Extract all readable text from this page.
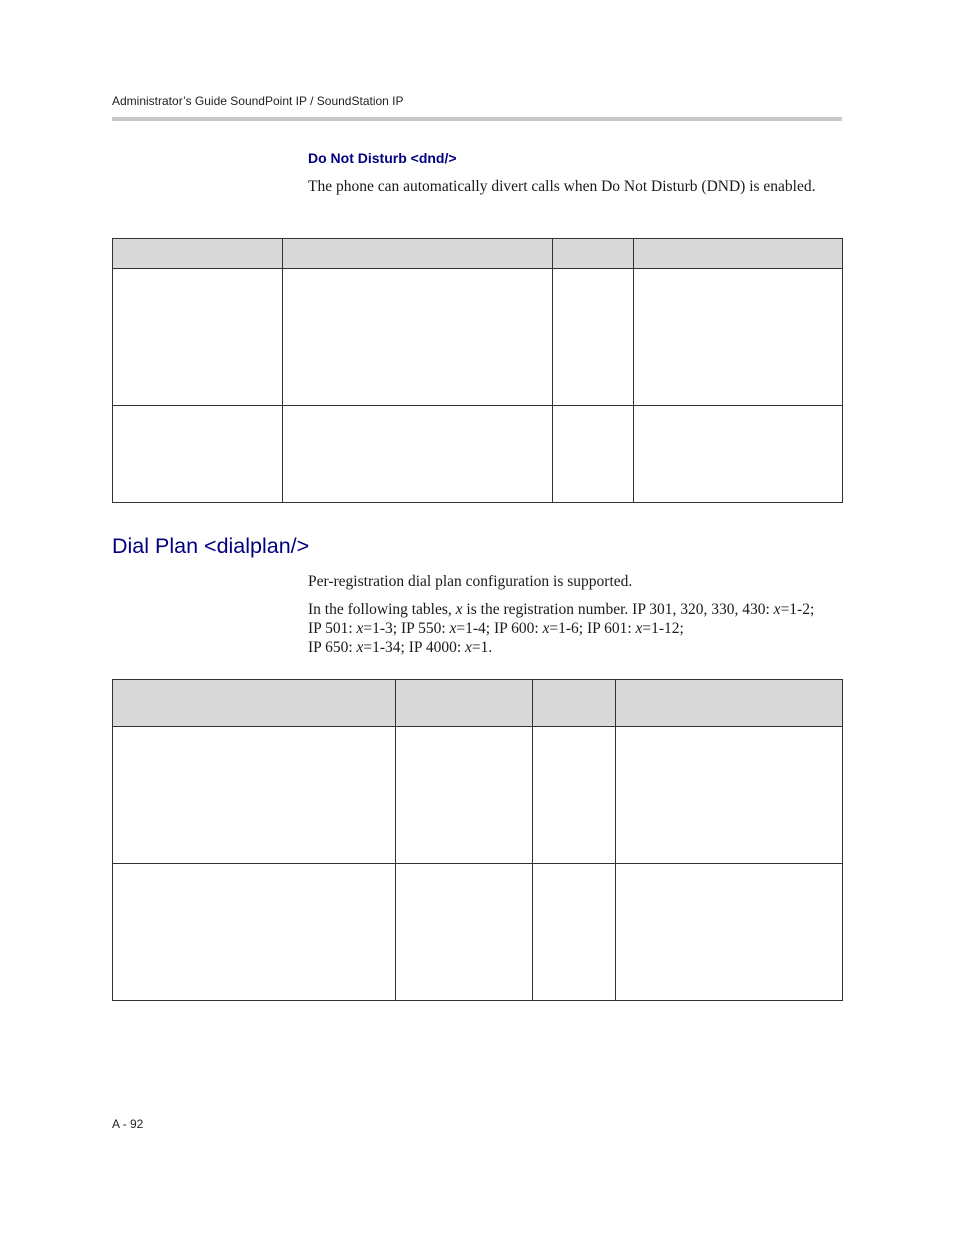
Administrator’s Guide SoundPoint IP / SoundStation IP
Do Not Disturb <dnd/>
The phone can automatically divert calls when Do Not Disturb (DND) is enabled.

Dial Plan <dialplan/>
Per-registration dial plan configuration is supported.
In the following tables, x is the registration number. IP 301, 320, 330, 430: x=1-2;
IP 501: x=1-3; IP 550: x=1-4; IP 600: x=1-6; IP 601: x=1-12;
IP 650: x=1-34; IP 4000: x=1.

A - 92
